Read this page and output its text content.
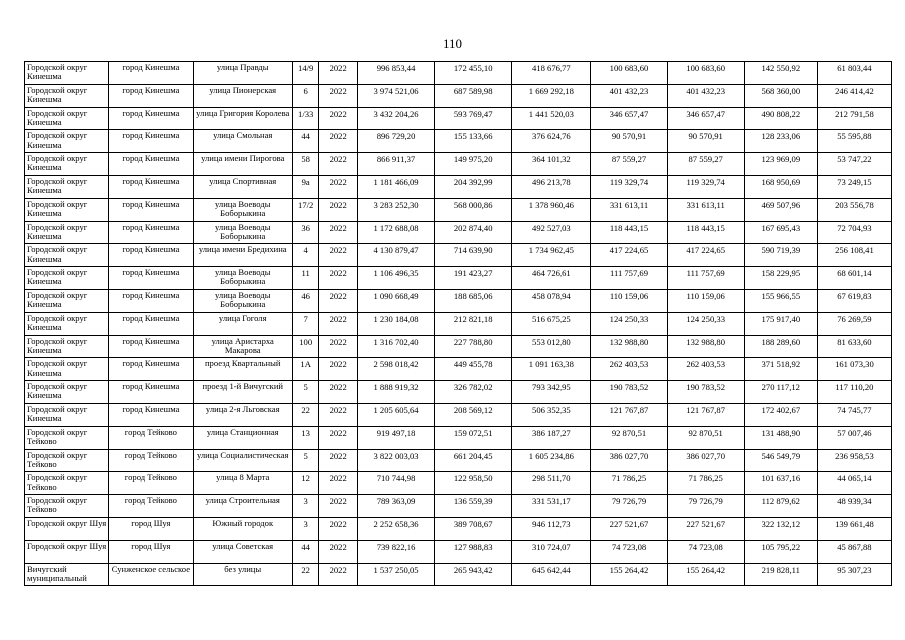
110
Городской округ Кинешма	город Кинешма	улица Правды	14/9	2022	996 853,44	172 455,10	418 676,77	100 683,60	100 683,60	142 550,92	61 803,44
Городской округ Кинешма	город Кинешма	улица Пионерская	6	2022	3 974 521,06	687 589,98	1 669 292,18	401 432,23	401 432,23	568 360,00	246 414,42
Городской округ Кинешма	город Кинешма	улица Григория Королева	1/33	2022	3 432 204,26	593 769,47	1 441 520,03	346 657,47	346 657,47	490 808,22	212 791,58
Городской округ Кинешма	город Кинешма	улица Смольная	44	2022	896 729,20	155 133,66	376 624,76	90 570,91	90 570,91	128 233,06	55 595,88
Городской округ Кинешма	город Кинешма	улица имени Пирогова	58	2022	866 911,37	149 975,20	364 101,32	87 559,27	87 559,27	123 969,09	53 747,22
Городской округ Кинешма	город Кинешма	улица Спортивная	9а	2022	1 181 466,09	204 392,99	496 213,78	119 329,74	119 329,74	168 950,69	73 249,15
Городской округ Кинешма	город Кинешма	улица Воеводы Боборыкина	17/2	2022	3 283 252,30	568 000,86	1 378 960,46	331 613,11	331 613,11	469 507,96	203 556,78
Городской округ Кинешма	город Кинешма	улица Воеводы Боборыкина	36	2022	1 172 688,08	202 874,40	492 527,03	118 443,15	118 443,15	167 695,43	72 704,93
Городской округ Кинешма	город Кинешма	улица имени Бредихина	4	2022	4 130 879,47	714 639,90	1 734 962,45	417 224,65	417 224,65	590 719,39	256 108,41
Городской округ Кинешма	город Кинешма	улица Воеводы Боборыкина	11	2022	1 106 496,35	191 423,27	464 726,61	111 757,69	111 757,69	158 229,95	68 601,14
Городской округ Кинешма	город Кинешма	улица Воеводы Боборыкина	46	2022	1 090 668,49	188 685,06	458 078,94	110 159,06	110 159,06	155 966,55	67 619,83
Городской округ Кинешма	город Кинешма	улица Гоголя	7	2022	1 230 184,08	212 821,18	516 675,25	124 250,33	124 250,33	175 917,40	76 269,59
Городской округ Кинешма	город Кинешма	улица Аристарха Макарова	100	2022	1 316 702,40	227 788,80	553 012,80	132 988,80	132 988,80	188 289,60	81 633,60
Городской округ Кинешма	город Кинешма	проезд Квартальный	1А	2022	2 598 018,42	449 455,78	1 091 163,38	262 403,53	262 403,53	371 518,92	161 073,30
Городской округ Кинешма	город Кинешма	проезд 1-й Вичугский	5	2022	1 888 919,32	326 782,02	793 342,95	190 783,52	190 783,52	270 117,12	117 110,20
Городской округ Кинешма	город Кинешма	улица 2-я Льговская	22	2022	1 205 605,64	208 569,12	506 352,35	121 767,87	121 767,87	172 402,67	74 745,77
Городской округ Тейково	город Тейково	улица Станционная	13	2022	919 497,18	159 072,51	386 187,27	92 870,51	92 870,51	131 488,90	57 007,46
Городской округ Тейково	город Тейково	улица Социалистическая	5	2022	3 822 003,03	661 204,45	1 605 234,86	386 027,70	386 027,70	546 549,79	236 958,53
Городской округ Тейково	город Тейково	улица 8 Марта	12	2022	710 744,98	122 958,50	298 511,70	71 786,25	71 786,25	101 637,16	44 065,14
Городской округ Тейково	город Тейково	улица Строительная	3	2022	789 363,09	136 559,39	331 531,17	79 726,79	79 726,79	112 879,62	48 939,34
Городской округ Шуя	город Шуя	Южный городок	3	2022	2 252 658,36	389 708,67	946 112,73	227 521,67	227 521,67	322 132,12	139 661,48
Городской округ Шуя	город Шуя	улица Советская	44	2022	739 822,16	127 988,83	310 724,07	74 723,08	74 723,08	105 795,22	45 867,88
Вичугский муниципальный	Сунженское сельское	без улицы	22	2022	1 537 250,05	265 943,42	645 642,44	155 264,42	155 264,42	219 828,11	95 307,23
